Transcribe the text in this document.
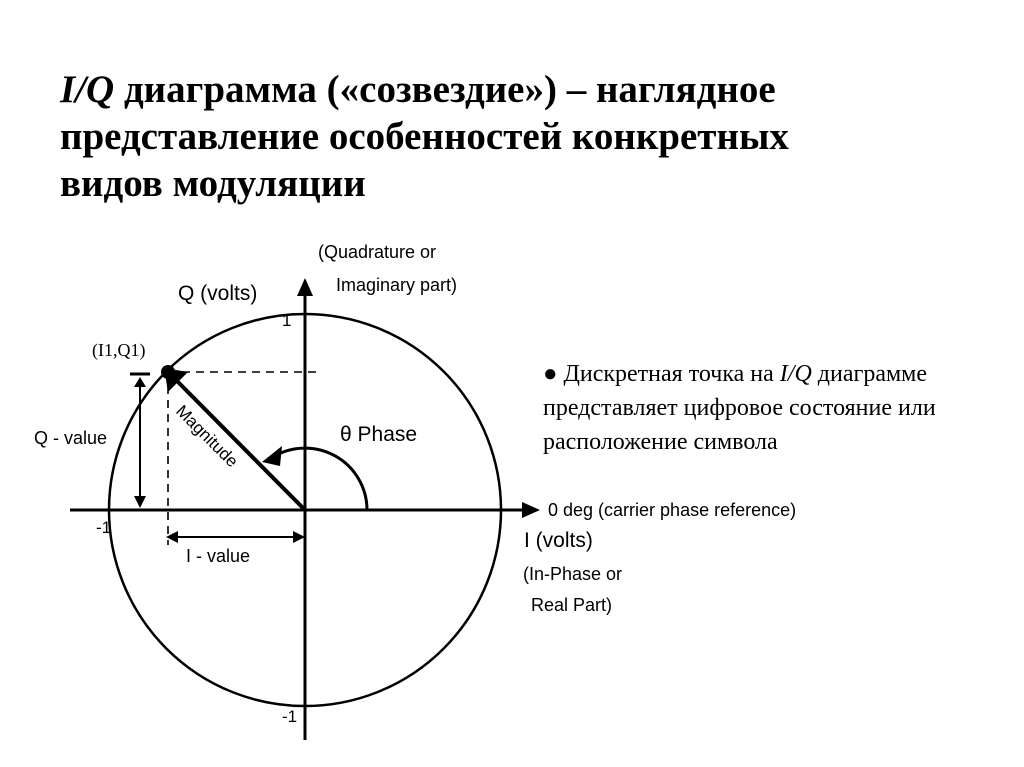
I/Q диаграмма («созвездие») – наглядное
представление особенностей конкретных
видов модуляции
● Дискретная точка на I/Q диаграмме представляет цифровое состояние или расположение символа
Q (volts)
(Quadrature or
Imaginary part)
1
-1
-1
(I1,Q1)
Q - value
I - value
Magnitude	θ Phase
0 deg (carrier phase reference)
I (volts)
(In-Phase or
Real Part)
